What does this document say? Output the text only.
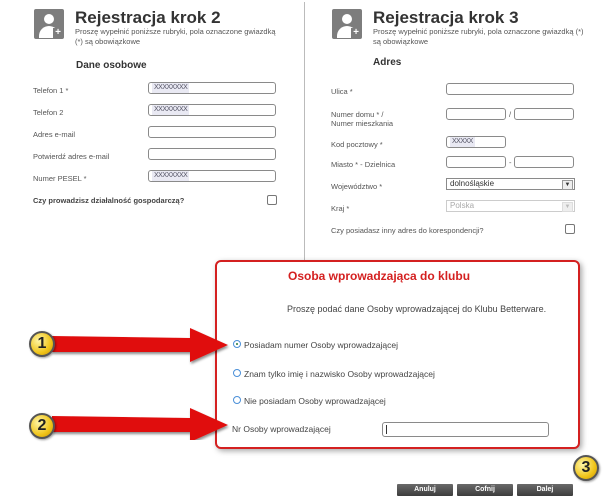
+
Rejestracja krok 2
Proszę wypełnić poniższe rubryki, pola oznaczone gwiazdką (*) są obowiązkowe
Dane osobowe
Telefon 1 *	XXXXXXXX
Telefon 2	XXXXXXXX
Adres e-mail
Potwierdź adres e-mail
Numer PESEL *	XXXXXXXX
Czy prowadzisz działalność gospodarczą?
+
Rejestracja krok 3
Proszę wypełnić poniższe rubryki, pola oznaczone gwiazdką (*) są obowiązkowe
Adres
Ulica *
Numer domu * /
Numer mieszkania
/
Kod pocztowy *	XXXXX
Miasto * - Dzielnica	-
Województwo *	dolnośląskie	▼
Kraj *	Polska	▼
Czy posiadasz inny adres do korespondencji?
Osoba wprowadzająca do klubu
Proszę podać dane Osoby wprowadzającej do Klubu Betterware.
Posiadam numer Osoby wprowadzającej
Znam tylko imię i nazwisko Osoby wprowadzającej
Nie posiadam Osoby wprowadzającej
Nr Osoby wprowadzającej
1
2
3
Anuluj	Cofnij	Dalej
